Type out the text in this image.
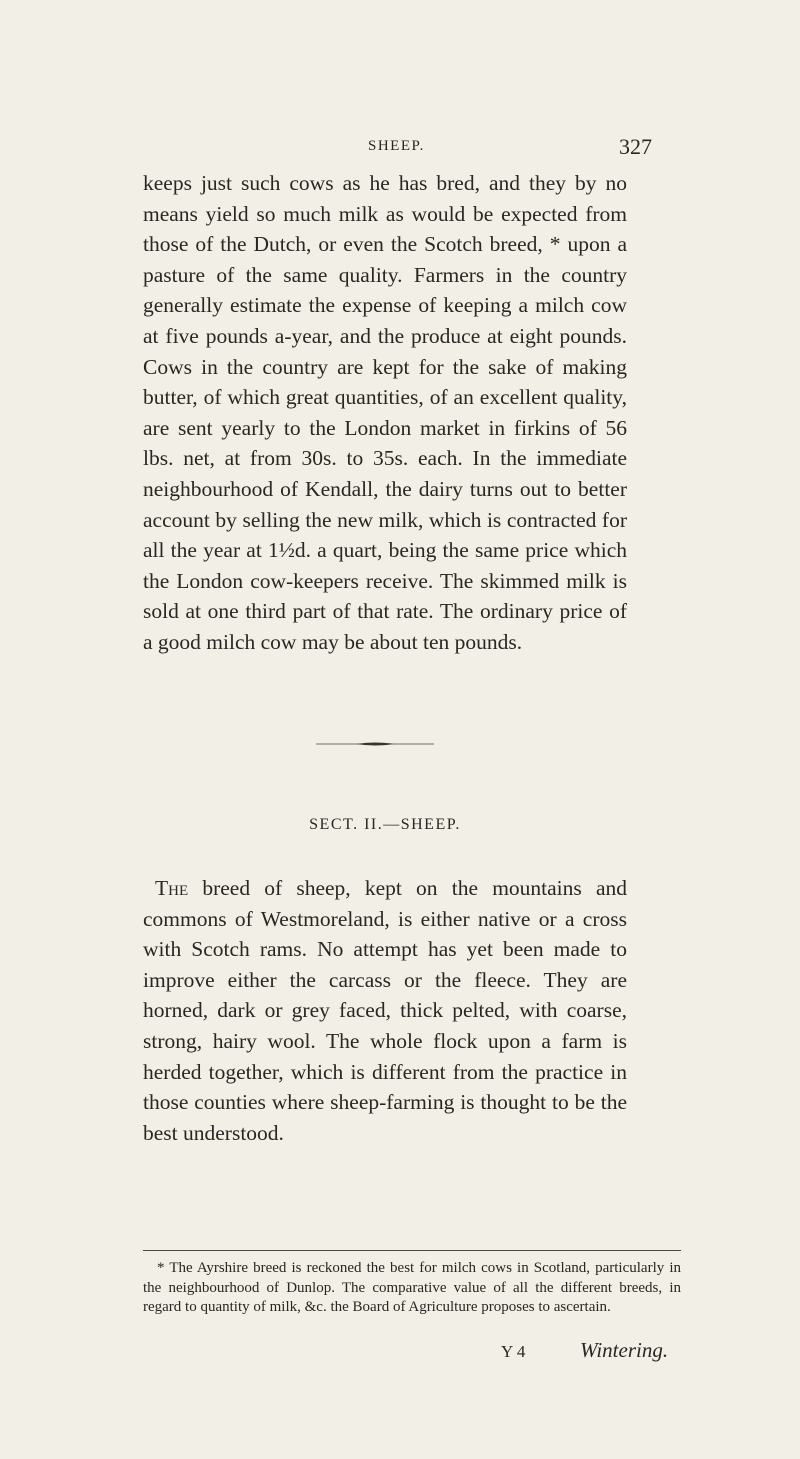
SHEEP.	327

keeps just such cows as he has bred, and they by no means yield so much milk as would be expected from those of the Dutch, or even the Scotch breed, * upon a pasture of the same quality. Farmers in the country generally estimate the expense of keeping a milch cow at five pounds a-year, and the produce at eight pounds. Cows in the country are kept for the sake of making butter, of which great quantities, of an excellent quality, are sent yearly to the London market in firkins of 56 lbs. net, at from 30s. to 35s. each. In the immediate neighbourhood of Kendall, the dairy turns out to better account by selling the new milk, which is contracted for all the year at 1½d. a quart, being the same price which the London cow-keepers receive. The skimmed milk is sold at one third part of that rate. The ordinary price of a good milch cow may be about ten pounds.

SECT. II.—SHEEP.

The breed of sheep, kept on the mountains and commons of Westmoreland, is either native or a cross with Scotch rams. No attempt has yet been made to improve either the carcass or the fleece. They are horned, dark or grey faced, thick pelted, with coarse, strong, hairy wool. The whole flock upon a farm is herded together, which is different from the practice in those counties where sheep-farming is thought to be the best understood.

* The Ayrshire breed is reckoned the best for milch cows in Scotland, particularly in the neighbourhood of Dunlop. The comparative value of all the different breeds, in regard to quantity of milk, &c. the Board of Agriculture proposes to ascertain.

Y 4	Wintering.
